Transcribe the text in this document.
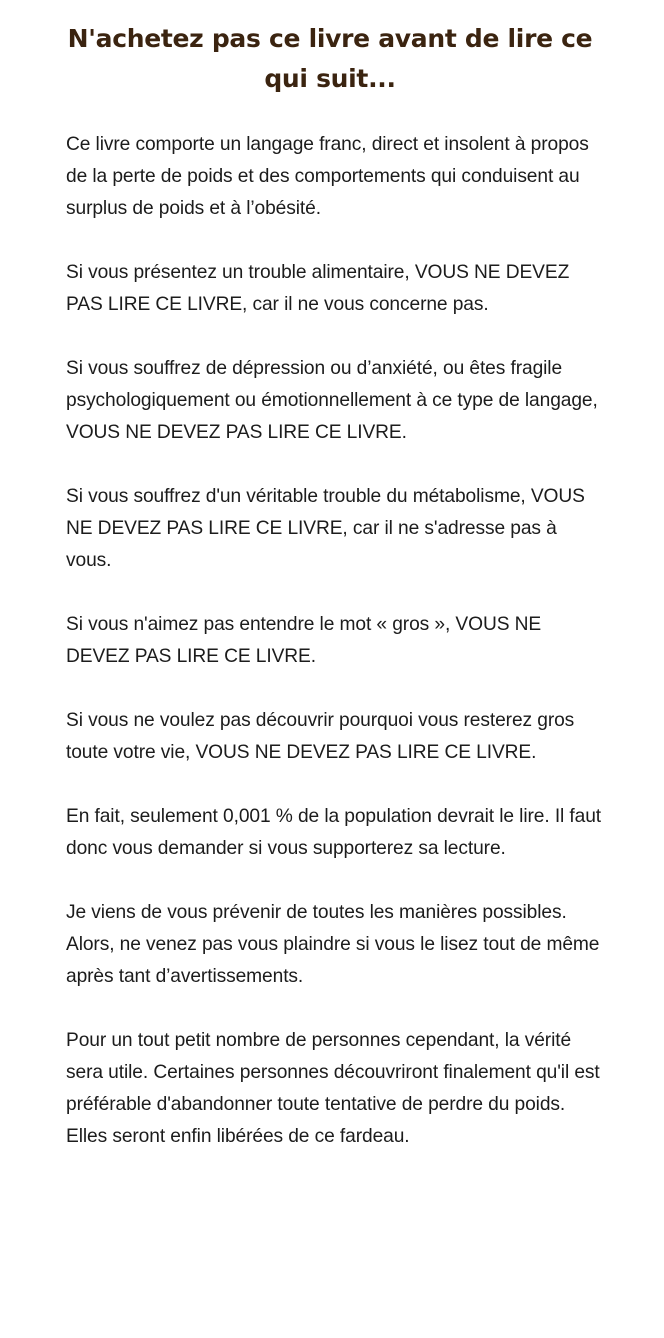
N'achetez pas ce livre avant de lire ce
qui suit...

Ce livre comporte un langage franc, direct et insolent à propos de la perte de poids et des comportements qui conduisent au surplus de poids et à l’obésité.

Si vous présentez un trouble alimentaire, VOUS NE DEVEZ PAS LIRE CE LIVRE, car il ne vous concerne pas.

Si vous souffrez de dépression ou d’anxiété, ou êtes fragile psychologiquement ou émotionnellement à ce type de langage, VOUS NE DEVEZ PAS LIRE CE LIVRE.

Si vous souffrez d'un véritable trouble du métabolisme, VOUS NE DEVEZ PAS LIRE CE LIVRE, car il ne s'adresse pas à vous.

Si vous n'aimez pas entendre le mot « gros », VOUS NE DEVEZ PAS LIRE CE LIVRE.

Si vous ne voulez pas découvrir pourquoi vous resterez gros toute votre vie, VOUS NE DEVEZ PAS LIRE CE LIVRE.

En fait, seulement 0,001 % de la population devrait le lire. Il faut donc vous demander si vous supporterez sa lecture.

Je viens de vous prévenir de toutes les manières possibles. Alors, ne venez pas vous plaindre si vous le lisez tout de même après tant d’avertissements.

Pour un tout petit nombre de personnes cependant, la vérité sera utile. Certaines personnes découvriront finalement qu'il est préférable d'abandonner toute tentative de perdre du poids. Elles seront enfin libérées de ce fardeau.
